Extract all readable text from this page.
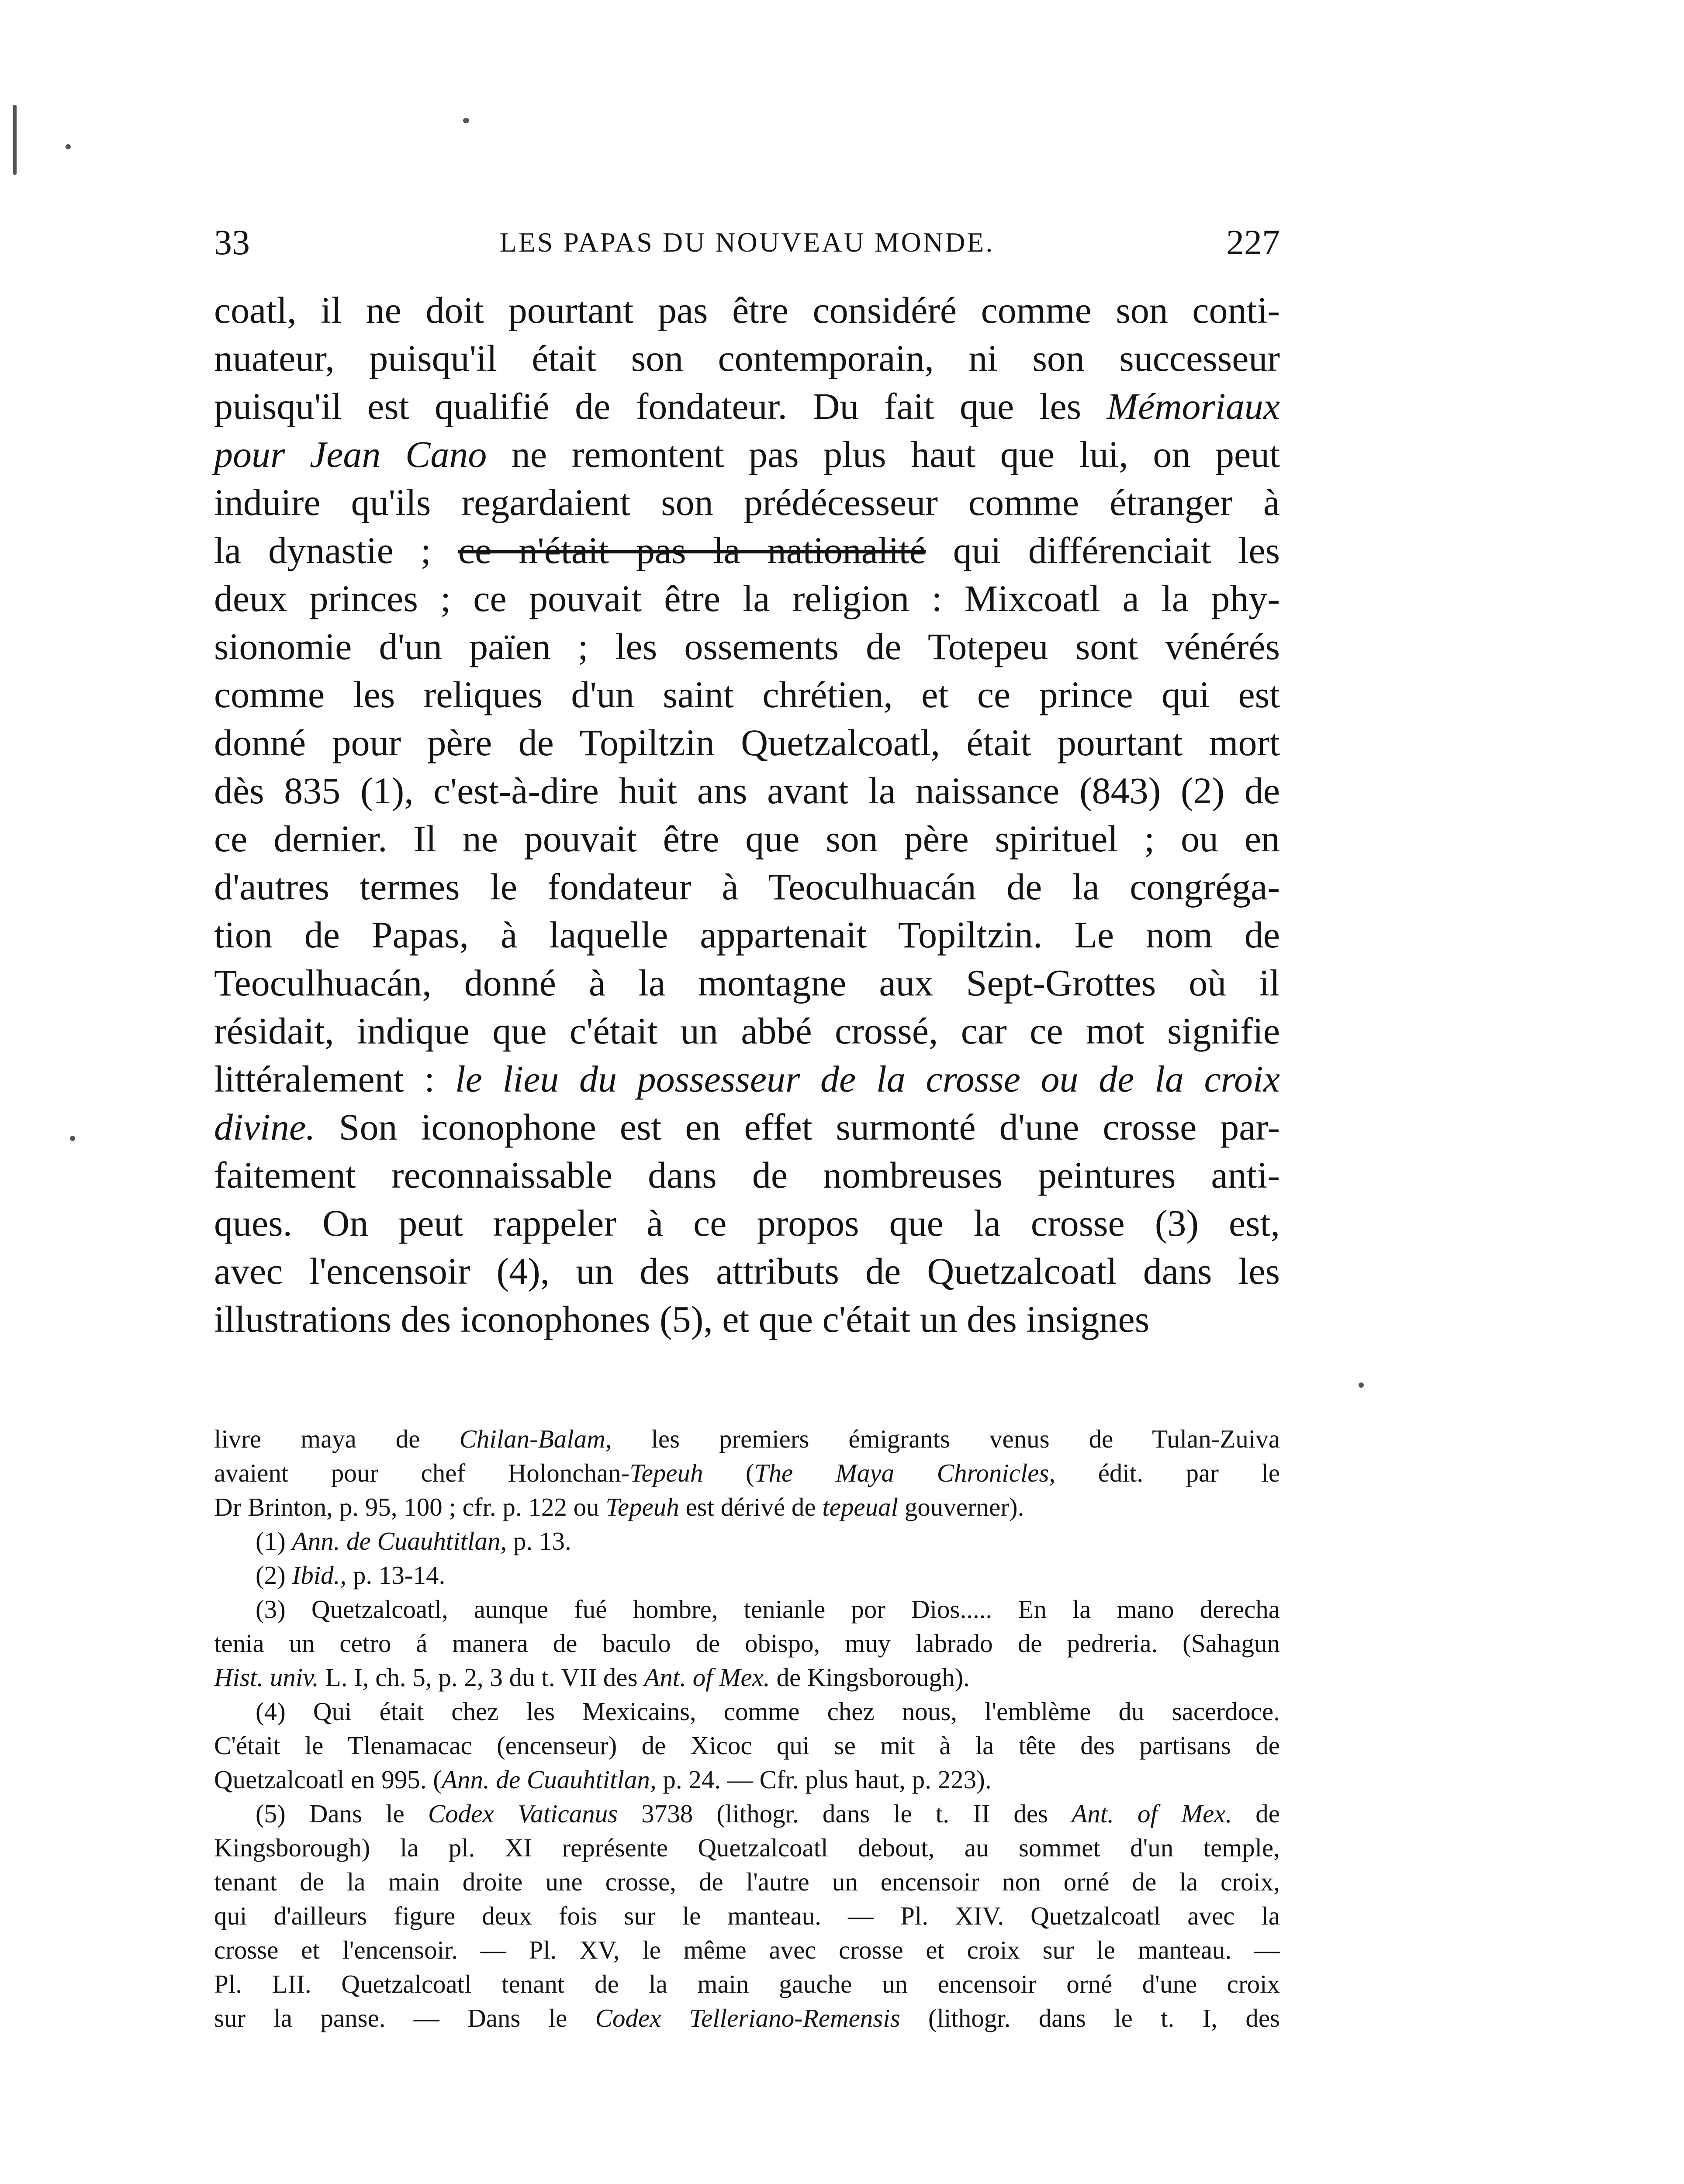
33	LES PAPAS DU NOUVEAU MONDE.	227
coatl, il ne doit pourtant pas être considéré comme son conti-
nuateur, puisqu'il était son contemporain, ni son successeur
puisqu'il est qualifié de fondateur. Du fait que les Mémoriaux
pour Jean Cano ne remontent pas plus haut que lui, on peut
induire qu'ils regardaient son prédécesseur comme étranger à
la dynastie ; ce n'était pas la nationalité qui différenciait les
deux princes ; ce pouvait être la religion : Mixcoatl a la phy-
sionomie d'un païen ; les ossements de Totepeu sont vénérés
comme les reliques d'un saint chrétien, et ce prince qui est
donné pour père de Topiltzin Quetzalcoatl, était pourtant mort
dès 835 (1), c'est-à-dire huit ans avant la naissance (843) (2) de
ce dernier. Il ne pouvait être que son père spirituel ; ou en
d'autres termes le fondateur à Teoculhuacán de la congréga-
tion de Papas, à laquelle appartenait Topiltzin. Le nom de
Teoculhuacán, donné à la montagne aux Sept-Grottes où il
résidait, indique que c'était un abbé crossé, car ce mot signifie
littéralement : le lieu du possesseur de la crosse ou de la croix
divine. Son iconophone est en effet surmonté d'une crosse par-
faitement reconnaissable dans de nombreuses peintures anti-
ques. On peut rappeler à ce propos que la crosse (3) est,
avec l'encensoir (4), un des attributs de Quetzalcoatl dans les
illustrations des iconophones (5), et que c'était un des insignes
livre maya de Chilan-Balam, les premiers émigrants venus de Tulan-Zuiva
avaient pour chef Holonchan-Tepeuh (The Maya Chronicles, édit. par le
Dr Brinton, p. 95, 100 ; cfr. p. 122 ou Tepeuh est dérivé de tepeual gouverner).
(1) Ann. de Cuauhtitlan, p. 13.
(2) Ibid., p. 13-14.
(3) Quetzalcoatl, aunque fué hombre, tenianle por Dios..... En la mano derecha
tenia un cetro á manera de baculo de obispo, muy labrado de pedreria. (Sahagun
Hist. univ. L. I, ch. 5, p. 2, 3 du t. VII des Ant. of Mex. de Kingsborough).
(4) Qui était chez les Mexicains, comme chez nous, l'emblème du sacerdoce.
C'était le Tlenamacac (encenseur) de Xicoc qui se mit à la tête des partisans de
Quetzalcoatl en 995. (Ann. de Cuauhtitlan, p. 24. — Cfr. plus haut, p. 223).
(5) Dans le Codex Vaticanus 3738 (lithogr. dans le t. II des Ant. of Mex. de
Kingsborough) la pl. XI représente Quetzalcoatl debout, au sommet d'un temple,
tenant de la main droite une crosse, de l'autre un encensoir non orné de la croix,
qui d'ailleurs figure deux fois sur le manteau. — Pl. XIV. Quetzalcoatl avec la
crosse et l'encensoir. — Pl. XV, le même avec crosse et croix sur le manteau. —
Pl. LII. Quetzalcoatl tenant de la main gauche un encensoir orné d'une croix
sur la panse. — Dans le Codex Telleriano-Remensis (lithogr. dans le t. I, des
